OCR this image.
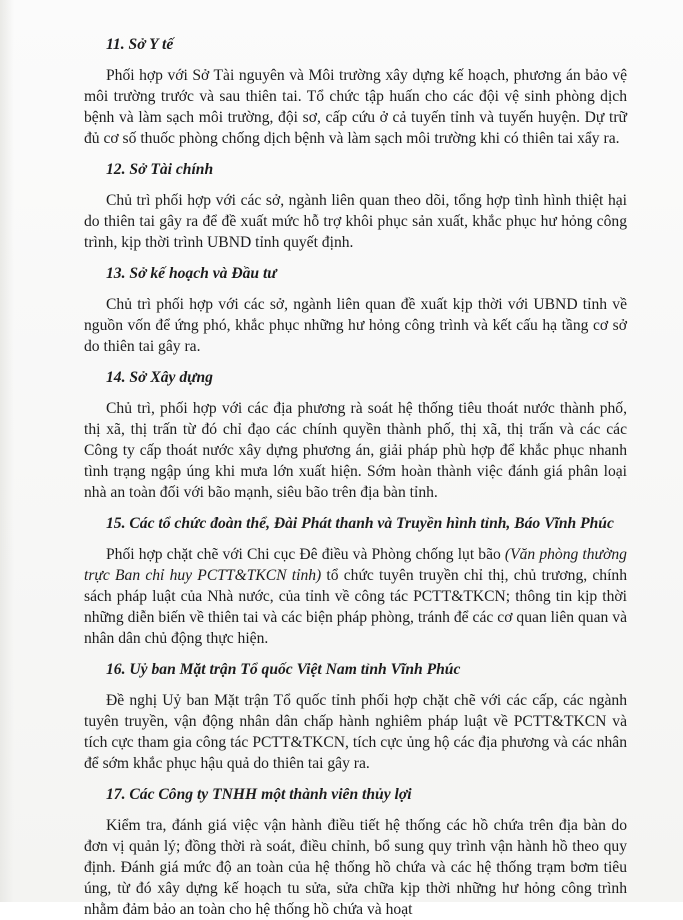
11. Sở Y tế

Phối hợp với Sở Tài nguyên và Môi trường xây dựng kế hoạch, phương án bảo vệ môi trường trước và sau thiên tai. Tổ chức tập huấn cho các đội vệ sinh phòng dịch bệnh và làm sạch môi trường, đội sơ, cấp cứu ở cả tuyến tỉnh và tuyến huyện. Dự trữ đủ cơ số thuốc phòng chống dịch bệnh và làm sạch môi trường khi có thiên tai xẩy ra.

12. Sở Tài chính

Chủ trì phối hợp với các sở, ngành liên quan theo dõi, tổng hợp tình hình thiệt hại do thiên tai gây ra để đề xuất mức hỗ trợ khôi phục sản xuất, khắc phục hư hỏng công trình, kịp thời trình UBND tỉnh quyết định.

13. Sở kế hoạch và Đầu tư

Chủ trì phối hợp với các sở, ngành liên quan đề xuất kịp thời với UBND tỉnh về nguồn vốn để ứng phó, khắc phục những hư hỏng công trình và kết cấu hạ tầng cơ sở do thiên tai gây ra.

14. Sở Xây dựng

Chủ trì, phối hợp với các địa phương rà soát hệ thống tiêu thoát nước thành phố, thị xã, thị trấn từ đó chỉ đạo các chính quyền thành phố, thị xã, thị trấn và các các Công ty cấp thoát nước xây dựng phương án, giải pháp phù hợp để khắc phục nhanh tình trạng ngập úng khi mưa lớn xuất hiện. Sớm hoàn thành việc đánh giá phân loại nhà an toàn đối với bão mạnh, siêu bão trên địa bàn tỉnh.

15. Các tổ chức đoàn thể, Đài Phát thanh và Truyền hình tỉnh, Báo Vĩnh Phúc

Phối hợp chặt chẽ với Chi cục Đê điều và Phòng chống lụt bão (Văn phòng thường trực Ban chỉ huy PCTT&TKCN tỉnh) tổ chức tuyên truyền chỉ thị, chủ trương, chính sách pháp luật của Nhà nước, của tỉnh về công tác PCTT&TKCN; thông tin kịp thời những diễn biến về thiên tai và các biện pháp phòng, tránh để các cơ quan liên quan và nhân dân chủ động thực hiện.

16. Uỷ ban Mặt trận Tổ quốc Việt Nam tỉnh Vĩnh Phúc

Đề nghị Uỷ ban Mặt trận Tổ quốc tỉnh phối hợp chặt chẽ với các cấp, các ngành tuyên truyền, vận động nhân dân chấp hành nghiêm pháp luật về PCTT&TKCN và tích cực tham gia công tác PCTT&TKCN, tích cực ủng hộ các địa phương và các nhân để sớm khắc phục hậu quả do thiên tai gây ra.

17. Các Công ty TNHH một thành viên thủy lợi

Kiểm tra, đánh giá việc vận hành điều tiết hệ thống các hồ chứa trên địa bàn do đơn vị quản lý; đồng thời rà soát, điều chỉnh, bổ sung quy trình vận hành hồ theo quy định. Đánh giá mức độ an toàn của hệ thống hồ chứa và các hệ thống trạm bơm tiêu úng, từ đó xây dựng kế hoạch tu sửa, sửa chữa kịp thời những hư hỏng công trình nhằm đảm bảo an toàn cho hệ thống hồ chứa và hoạt
